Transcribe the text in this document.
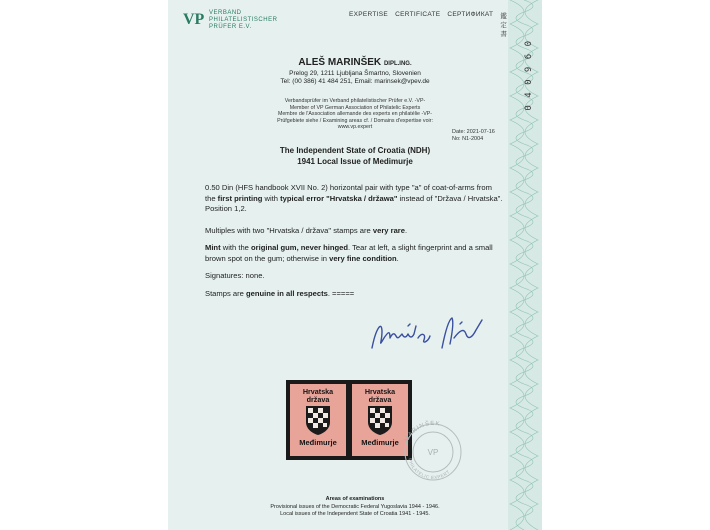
0 4 0 9 6 0
VP VERBAND
PHILATELISTISCHER
PRÜFER E.V.
EXPERTISE CERTIFICATE СЕРТИФИКАТ 鑑定書
ALEŠ MARINŠEK DIPL.ING.
Prelog 29, 1211 Ljubljana Šmartno, Slovenien
Tel: (00 386) 41 484 251, Email: marinsek@vpev.de
Verbandsprüfer im Verband philatelistischer Prüfer e.V. -VP-
Member of VP German Association of Philatelic Experts
Membre de l'Association allemande des experts en philatélie -VP-
Prüfgebiete siehe / Examining areas cf. / Domains d'expertise voir:
www.vp.expert
Date: 2021-07-16
No: N1-2004
The Independent State of Croatia (NDH)
1941 Local Issue of Medimurje
0.50 Din (HFS handbook XVII No. 2) horizontal pair with type "a" of coat-of-arms from the first printing with typical error "Hrvatska / držawa" instead of "Država / Hrvatska". Position 1,2.
Multiples with two "Hrvatska / država" stamps are very rare.
Mint with the original gum, never hinged. Tear at left, a slight fingerprint and a small brown spot on the gum; otherwise in very fine condition.
Signatures: none.
Stamps are genuine in all respects. =====
Hrvatska
država
Međimurje
Hrvatska
država
Međimurje MARINŠEK
VP
PHILATELIC EXPERT
Areas of examinations
Provisional issues of the Democratic Federal Yugoslavia 1944 - 1946.
Local issues of the Independent State of Croatia 1941 - 1945.
